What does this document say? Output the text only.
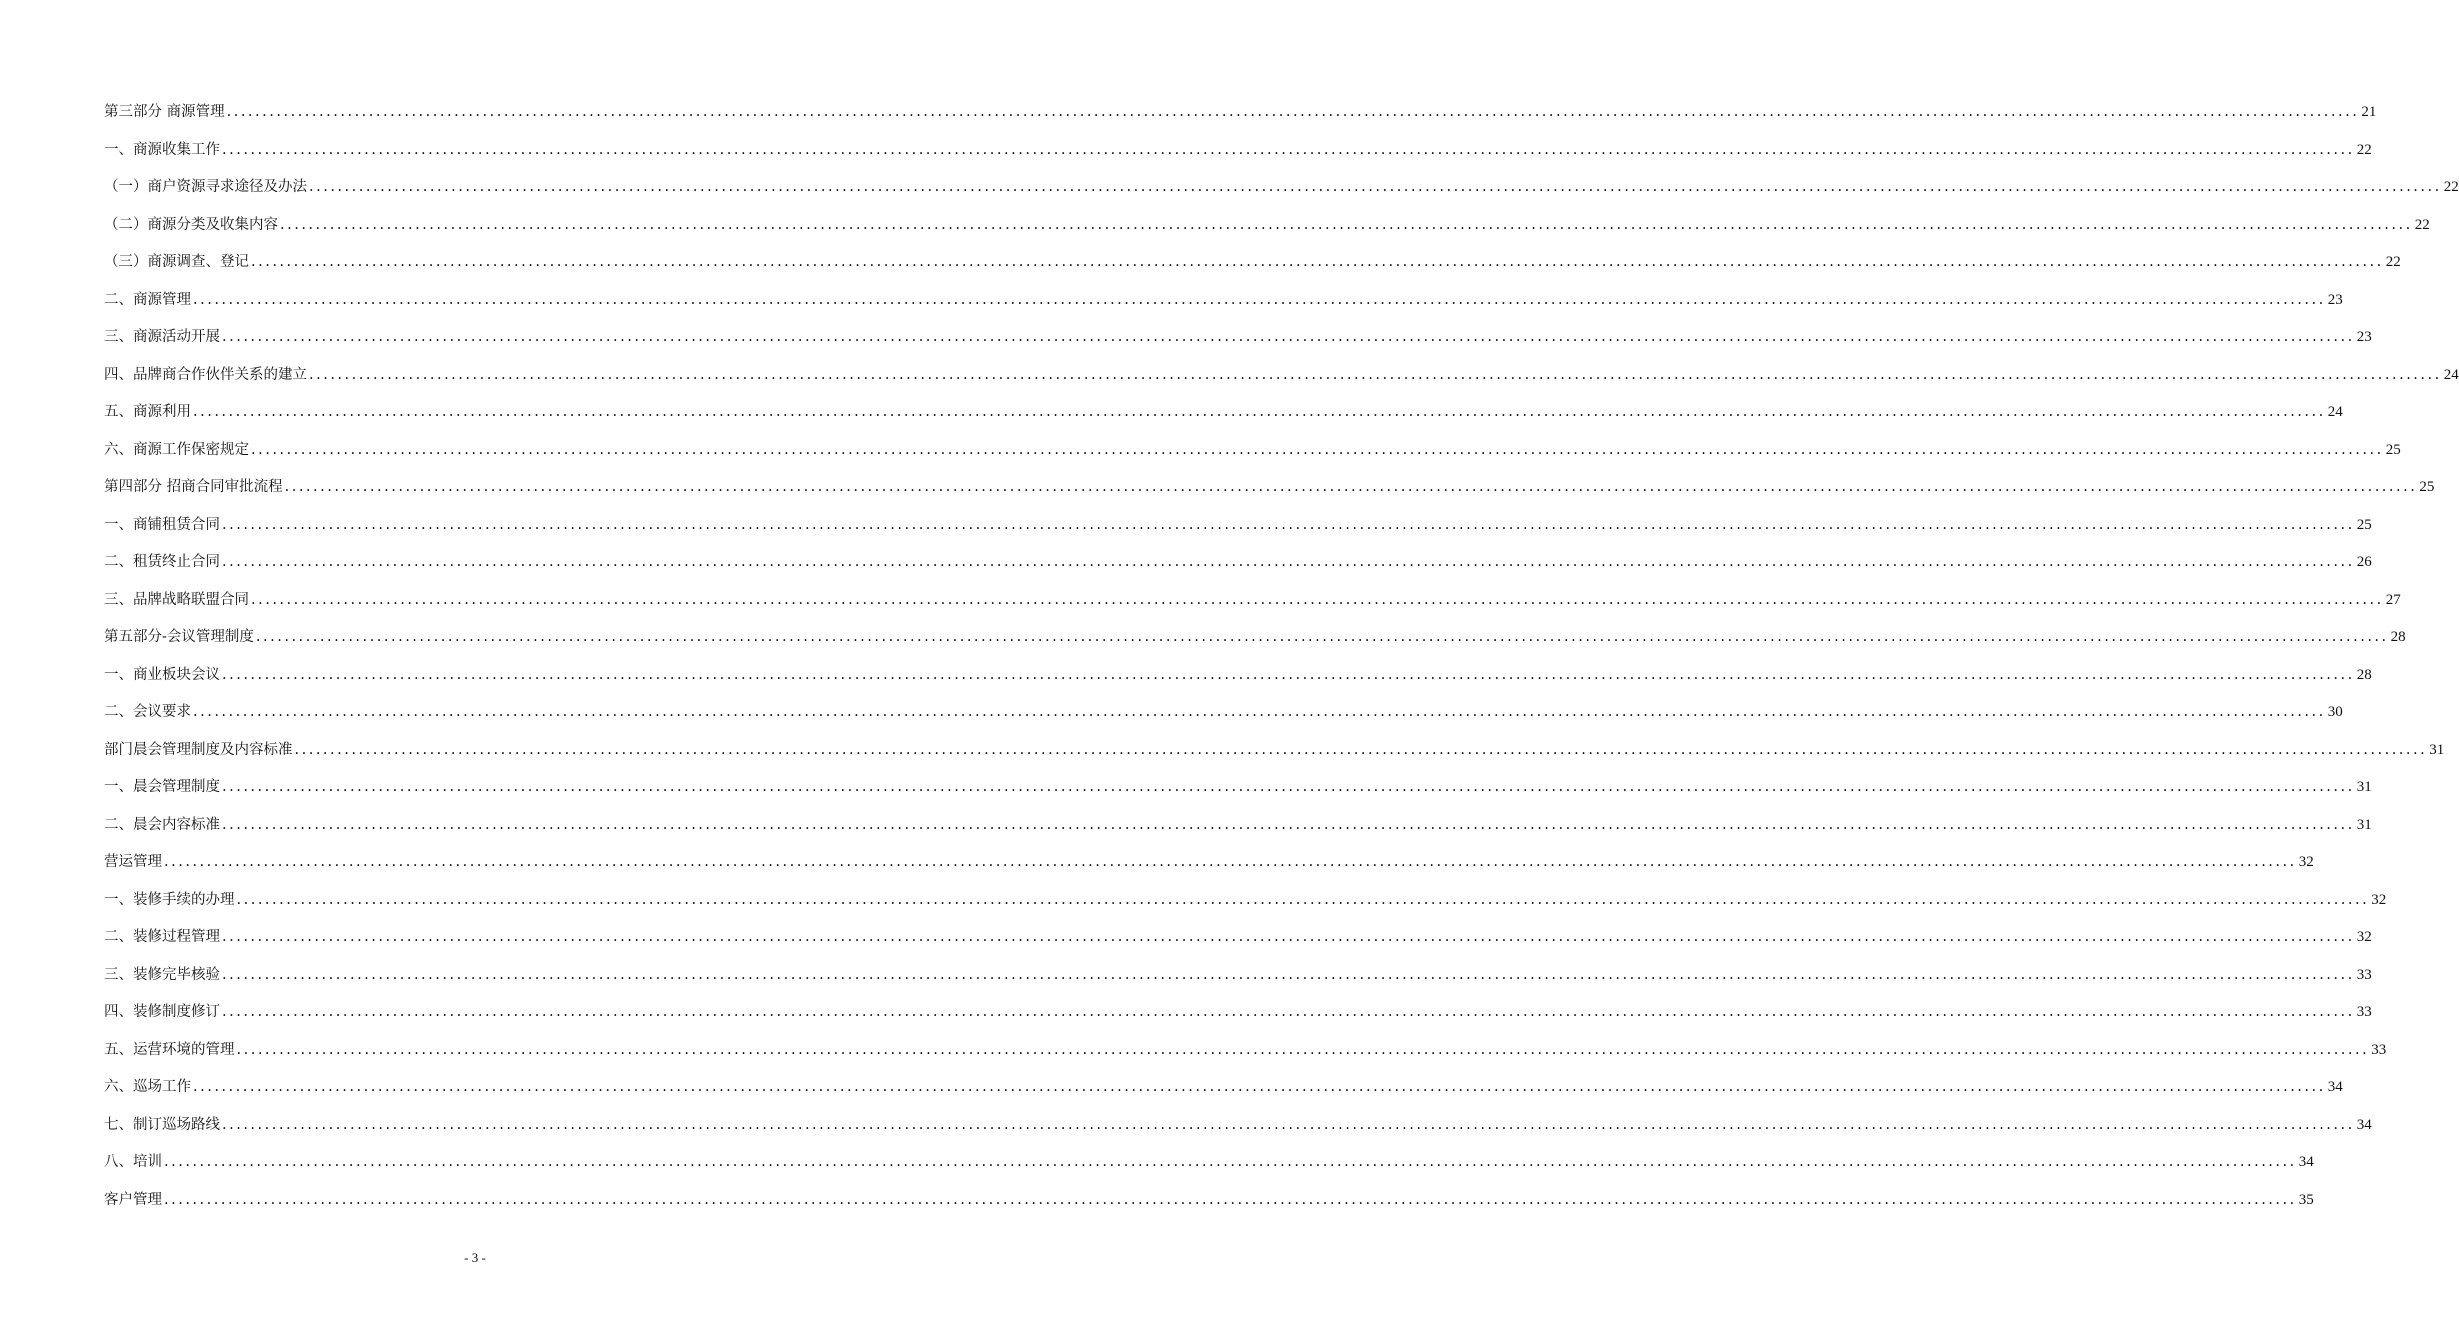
第三部分 商源管理 ............................................................................................................................................................................................................................................................................................................ 21
一、商源收集工作 ............................................................................................................................................................................................................................................................................................................ 22
（一）商户资源寻求途径及办法 ............................................................................................................................................................................................................................................................................................................ 22
（二）商源分类及收集内容 ............................................................................................................................................................................................................................................................................................................ 22
（三）商源调查、登记 ............................................................................................................................................................................................................................................................................................................ 22
二、商源管理 ............................................................................................................................................................................................................................................................................................................ 23
三、商源活动开展 ............................................................................................................................................................................................................................................................................................................ 23
四、品牌商合作伙伴关系的建立 ............................................................................................................................................................................................................................................................................................................ 24
五、商源利用 ............................................................................................................................................................................................................................................................................................................ 24
六、商源工作保密规定 ............................................................................................................................................................................................................................................................................................................ 25
第四部分 招商合同审批流程 ............................................................................................................................................................................................................................................................................................................ 25
一、商铺租赁合同 ............................................................................................................................................................................................................................................................................................................ 25
二、租赁终止合同 ............................................................................................................................................................................................................................................................................................................ 26
三、品牌战略联盟合同 ............................................................................................................................................................................................................................................................................................................ 27
第五部分-会议管理制度 ............................................................................................................................................................................................................................................................................................................ 28
一、商业板块会议 ............................................................................................................................................................................................................................................................................................................ 28
二、会议要求 ............................................................................................................................................................................................................................................................................................................ 30
部门晨会管理制度及内容标准 ............................................................................................................................................................................................................................................................................................................ 31
一、晨会管理制度 ............................................................................................................................................................................................................................................................................................................ 31
二、晨会内容标准 ............................................................................................................................................................................................................................................................................................................ 31
营运管理 ............................................................................................................................................................................................................................................................................................................ 32
一、装修手续的办理 ............................................................................................................................................................................................................................................................................................................ 32
二、装修过程管理 ............................................................................................................................................................................................................................................................................................................ 32
三、装修完毕核验 ............................................................................................................................................................................................................................................................................................................ 33
四、装修制度修订 ............................................................................................................................................................................................................................................................................................................ 33
五、运营环境的管理 ............................................................................................................................................................................................................................................................................................................ 33
六、巡场工作 ............................................................................................................................................................................................................................................................................................................ 34
七、制订巡场路线 ............................................................................................................................................................................................................................................................................................................ 34
八、培训 ............................................................................................................................................................................................................................................................................................................ 34
客户管理 ............................................................................................................................................................................................................................................................................................................ 35
- 3 -
